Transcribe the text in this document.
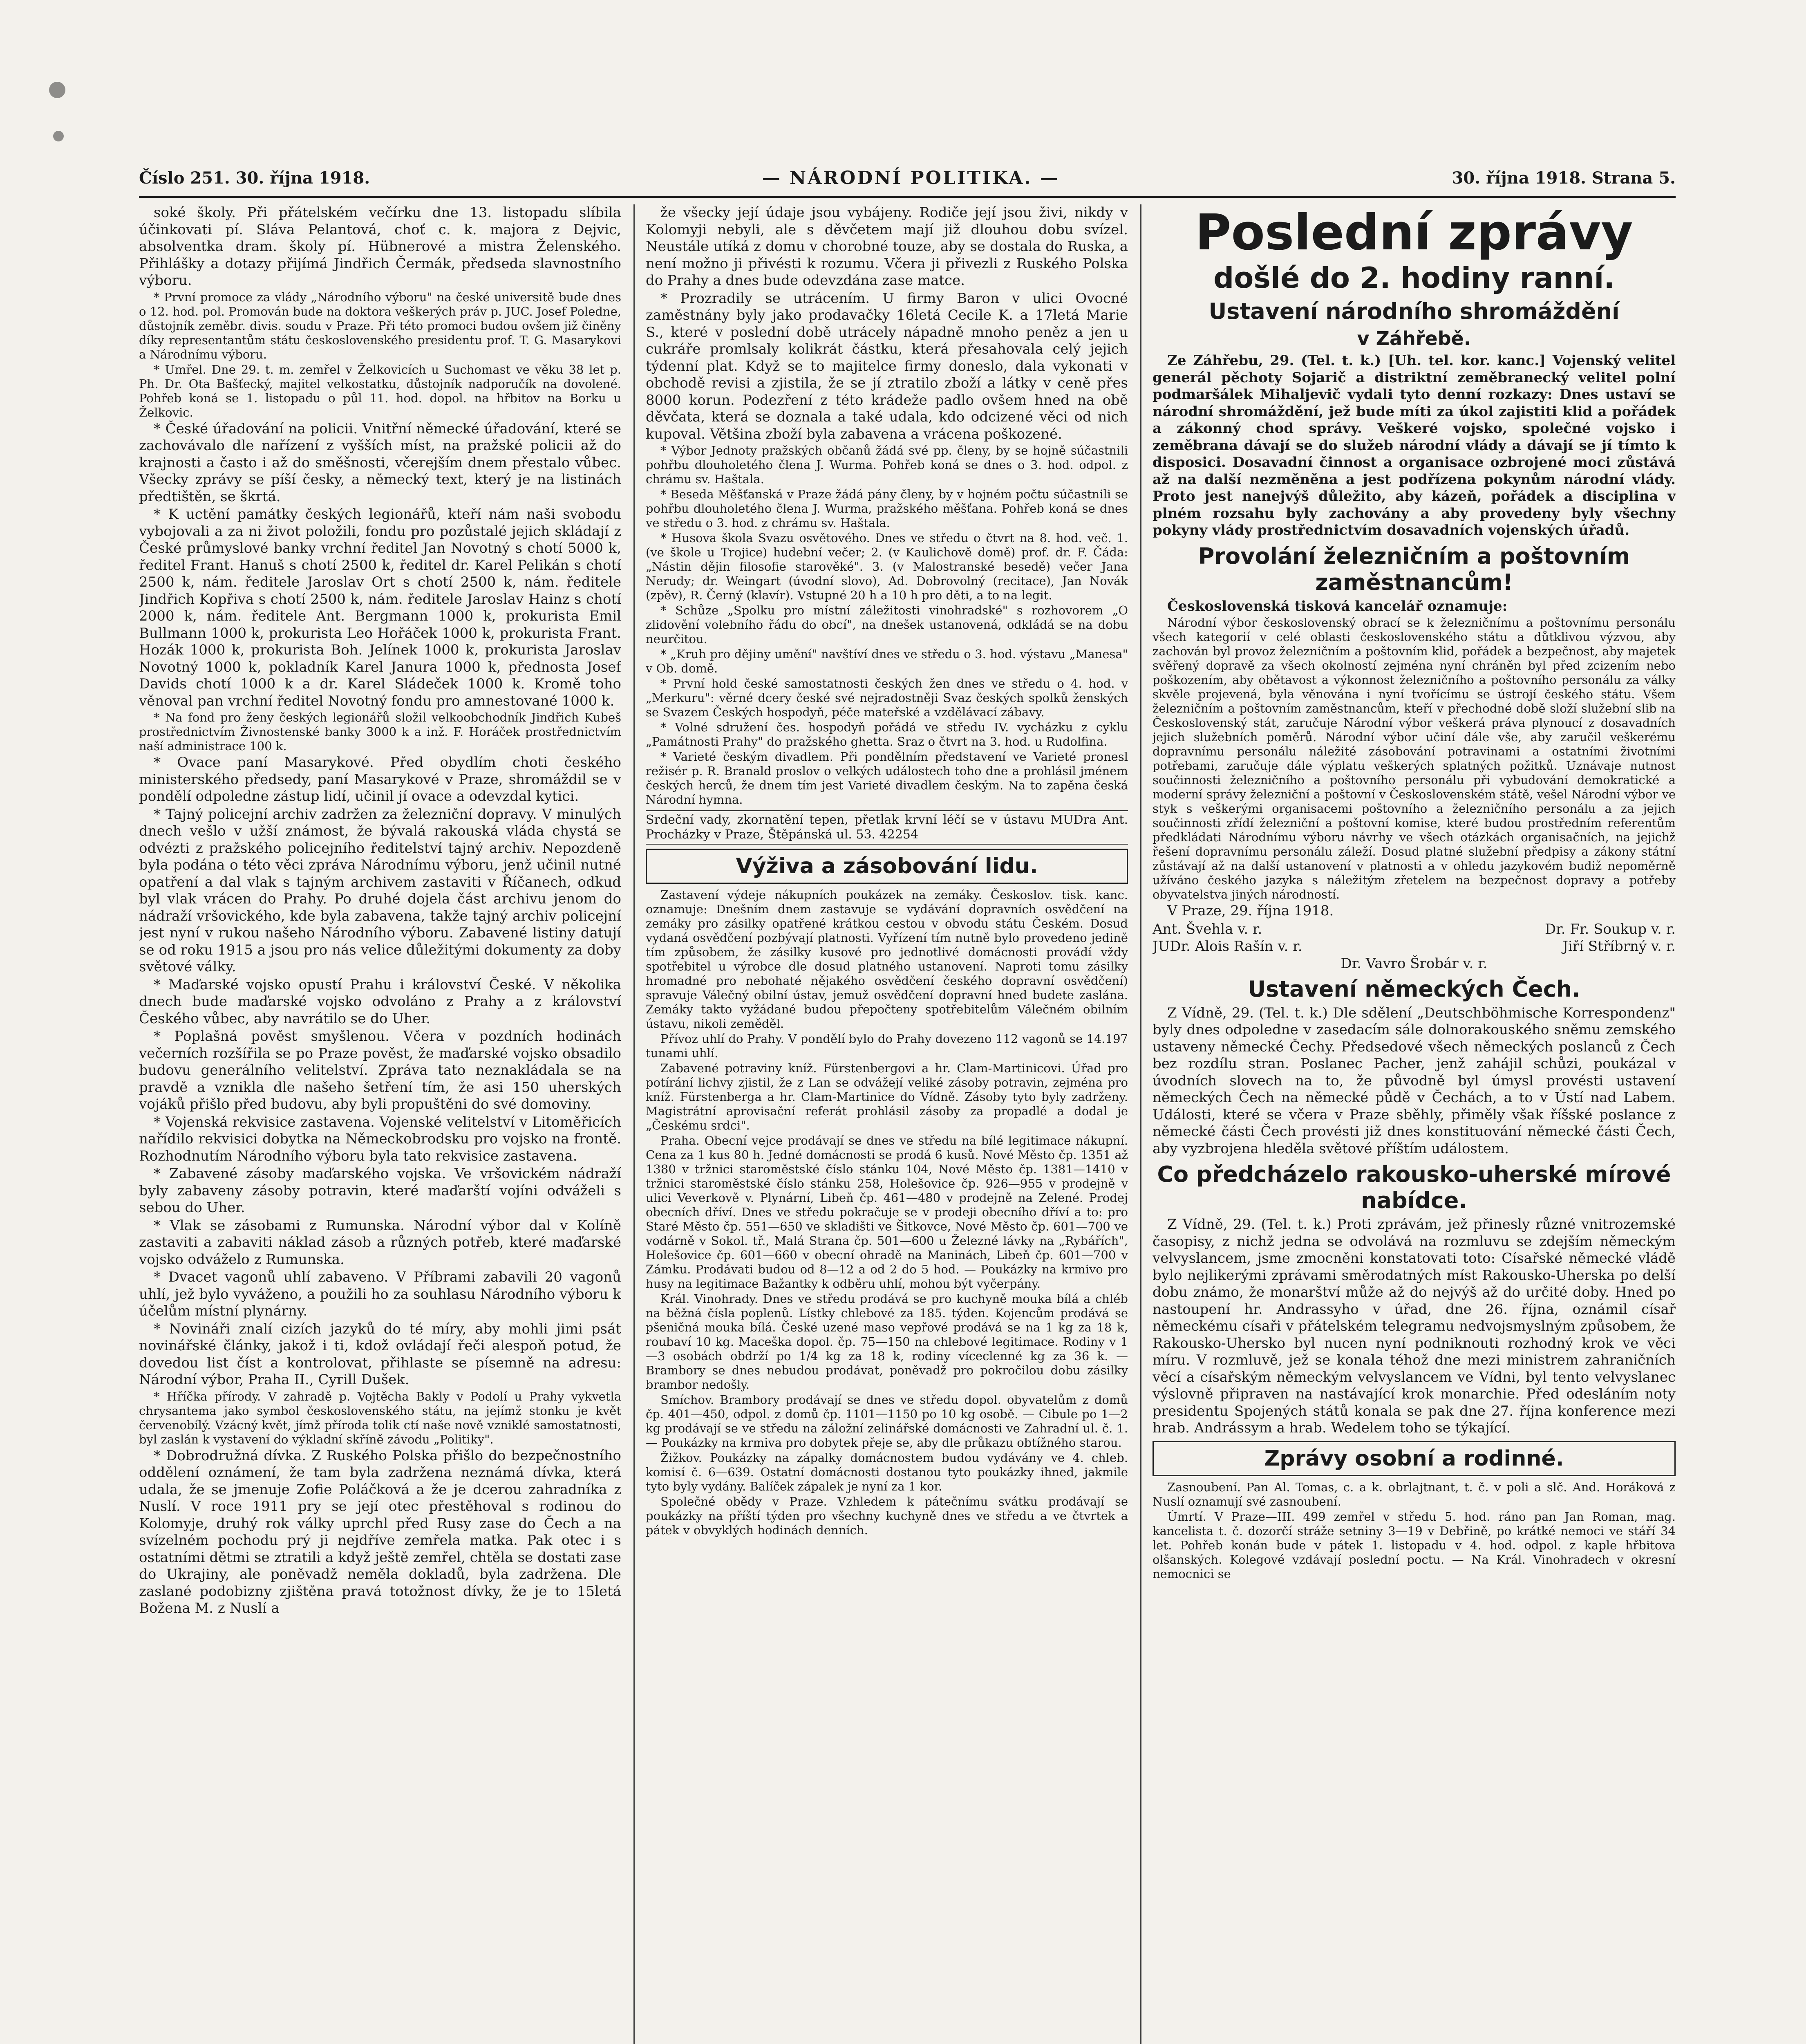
Číslo 251. 30. října 1918.	— NÁRODNÍ POLITIKA. —	30. října 1918. Strana 5.

soké školy. Při přátelském večírku dne 13. listopadu slíbila účinkovati pí. Sláva Pelantová, choť c. k. majora z Dejvic, absolventka dram. školy pí. Hübnerové a mistra Želenského. Přihlášky a dotazy přijímá Jindřich Čermák, předseda slavnostního výboru.

* První promoce za vlády „Národního výboru" na české universitě bude dnes o 12. hod. pol. Promován bude na doktora veškerých práv p. JUC. Josef Poledne, důstojník zeměbr. divis. soudu v Praze. Při této promoci budou ovšem již činěny díky representantům státu československého presidentu prof. T. G. Masarykovi a Národnímu výboru.

* Umřel. Dne 29. t. m. zemřel v Želkovicích u Suchomast ve věku 38 let p. Ph. Dr. Ota Bašťecký, majitel velkostatku, důstojník nadporučík na dovolené. Pohřeb koná se 1. listopadu o půl 11. hod. dopol. na hřbitov na Borku u Želkovic.

* České úřadování na policii. Vnitřní německé úřadování, které se zachovávalo dle nařízení z vyšších míst, na pražské policii až do krajnosti a často i až do směšnosti, včerejším dnem přestalo vůbec. Všecky zprávy se píší česky, a německý text, který je na listinách předtištěn, se škrtá.

* K uctění památky českých legionářů, kteří nám naši svobodu vybojovali a za ni život položili, fondu pro pozůstalé jejich skládají z České průmyslové banky vrchní ředitel Jan Novotný s chotí 5000 k, ředitel Frant. Hanuš s chotí 2500 k, ředitel dr. Karel Pelikán s chotí 2500 k, nám. ředitele Jaroslav Ort s chotí 2500 k, nám. ředitele Jindřich Kopřiva s chotí 2500 k, nám. ředitele Jaroslav Hainz s chotí 2000 k, nám. ředitele Ant. Bergmann 1000 k, prokurista Emil Bullmann 1000 k, prokurista Leo Hořáček 1000 k, prokurista Frant. Hozák 1000 k, prokurista Boh. Jelínek 1000 k, prokurista Jaroslav Novotný 1000 k, pokladník Karel Janura 1000 k, přednosta Josef Davids chotí 1000 k a dr. Karel Sládeček 1000 k. Kromě toho věnoval pan vrchní ředitel Novotný fondu pro amnestované 1000 k.

* Na fond pro ženy českých legionářů složil velkoobchodník Jindřich Kubeš prostřednictvím Živnostenské banky 3000 k a inž. F. Horáček prostřednictvím naší administrace 100 k.

* Ovace paní Masarykové. Před obydlím choti českého ministerského předsedy, paní Masarykové v Praze, shromáždil se v pondělí odpoledne zástup lidí, učinil jí ovace a odevzdal kytici.

* Tajný policejní archiv zadržen za železniční dopravy. V minulých dnech vešlo v užší známost, že bývalá rakouská vláda chystá se odvézti z pražského policejního ředitelství tajný archiv. Nepozdeně byla podána o této věci zpráva Národnímu výboru, jenž učinil nutné opatření a dal vlak s tajným archivem zastaviti v Říčanech, odkud byl vlak vrácen do Prahy. Po druhé dojela část archivu jenom do nádraží vršovického, kde byla zabavena, takže tajný archiv policejní jest nyní v rukou našeho Národního výboru. Zabavené listiny datují se od roku 1915 a jsou pro nás velice důležitými dokumenty za doby světové války.

* Maďarské vojsko opustí Prahu i království České. V několika dnech bude maďarské vojsko odvoláno z Prahy a z království Českého vůbec, aby navrátilo se do Uher.

* Poplašná pověst smyšlenou. Včera v pozdních hodinách večerních rozšířila se po Praze pověst, že maďarské vojsko obsadilo budovu generálního velitelství. Zpráva tato neznakládala se na pravdě a vznikla dle našeho šetření tím, že asi 150 uherských vojáků přišlo před budovu, aby byli propuštěni do své domoviny.

* Vojenská rekvisice zastavena. Vojenské velitelství v Litoměřicích nařídilo rekvisici dobytka na Německobrodsku pro vojsko na frontě. Rozhodnutím Národního výboru byla tato rekvisice zastavena.

* Zabavené zásoby maďarského vojska. Ve vršovickém nádraží byly zabaveny zásoby potravin, které maďarští vojíni odváželi s sebou do Uher.

* Vlak se zásobami z Rumunska. Národní výbor dal v Kolíně zastaviti a zabaviti náklad zásob a různých potřeb, které maďarské vojsko odváželo z Rumunska.

* Dvacet vagonů uhlí zabaveno. V Příbrami zabavili 20 vagonů uhlí, jež bylo vyváženo, a použili ho za souhlasu Národního výboru k účelům místní plynárny.

* Novináři znalí cizích jazyků do té míry, aby mohli jimi psát novinářské články, jakož i ti, kdož ovládají řeči alespoň potud, že dovedou list číst a kontrolovat, přihlaste se písemně na adresu: Národní výbor, Praha II., Cyrill Dušek.

* Hříčka přírody. V zahradě p. Vojtěcha Bakly v Podolí u Prahy vykvetla chrysantema jako symbol československého státu, na jejímž stonku je květ červenobílý. Vzácný květ, jímž příroda tolik ctí naše nově vzniklé samostatnosti, byl zaslán k vystavení do výkladní skříně závodu „Politiky".

* Dobrodružná dívka. Z Ruského Polska přišlo do bezpečnostního oddělení oznámení, že tam byla zadržena neznámá dívka, která udala, že se jmenuje Zofie Poláčková a že je dcerou zahradníka z Nuslí. V roce 1911 pry se její otec přestěhoval s rodinou do Kolomyje, druhý rok války uprchl před Rusy zase do Čech a na svízelném pochodu prý ji nejdříve zemřela matka. Pak otec i s ostatními dětmi se ztratili a když ještě zemřel, chtěla se dostati zase do Ukrajiny, ale poněvadž neměla dokladů, byla zadržena. Dle zaslané podobizny zjištěna pravá totožnost dívky, že je to 15letá Božena M. z Nuslí a

že všecky její údaje jsou vybájeny. Rodiče její jsou živi, nikdy v Kolomyji nebyli, ale s děvčetem mají již dlouhou dobu svízel. Neustále utíká z domu v chorobné touze, aby se dostala do Ruska, a není možno ji přivésti k rozumu. Včera ji přivezli z Ruského Polska do Prahy a dnes bude odevzdána zase matce.

* Prozradily se utrácením. U firmy Baron v ulici Ovocné zaměstnány byly jako prodavačky 16letá Cecile K. a 17letá Marie S., které v poslední době utrácely nápadně mnoho peněz a jen u cukráře promlsaly kolikrát částku, která přesahovala celý jejich týdenní plat. Když se to majitelce firmy doneslo, dala vykonati v obchodě revisi a zjistila, že se jí ztratilo zboží a látky v ceně přes 8000 korun. Podezření z této krádeže padlo ovšem hned na obě děvčata, která se doznala a také udala, kdo odcizené věci od nich kupoval. Většina zboží byla zabavena a vrácena poškozené.

* Výbor Jednoty pražských občanů žádá své pp. členy, by se hojně súčastnili pohřbu dlouholetého člena J. Wurma. Pohřeb koná se dnes o 3. hod. odpol. z chrámu sv. Haštala.

* Beseda Měšťanská v Praze žádá pány členy, by v hojném počtu súčastnili se pohřbu dlouholetého člena J. Wurma, pražského měšťana. Pohřeb koná se dnes ve středu o 3. hod. z chrámu sv. Haštala.

* Husova škola Svazu osvětového. Dnes ve středu o čtvrt na 8. hod. več. 1. (ve škole u Trojice) hudební večer; 2. (v Kaulichově domě) prof. dr. F. Čáda: „Nástin dějin filosofie starověké". 3. (v Malostranské besedě) večer Jana Nerudy; dr. Weingart (úvodní slovo), Ad. Dobrovolný (recitace), Jan Novák (zpěv), R. Černý (klavír). Vstupné 20 h a 10 h pro děti, a to na legit.

* Schůze „Spolku pro místní záležitosti vinohradské" s rozhovorem „O zlidovění volebního řádu do obcí", na dnešek ustanovená, odkládá se na dobu neurčitou.

* „Kruh pro dějiny umění" navštíví dnes ve středu o 3. hod. výstavu „Manesa" v Ob. domě.

* První hold české samostatnosti českých žen dnes ve středu o 4. hod. v „Merkuru": věrné dcery české své nejradostněji Svaz českých spolků ženských se Svazem Českých hospodyň, péče mateřské a vzdělávací zábavy.

* Volné sdružení čes. hospodyň pořádá ve středu IV. vycházku z cyklu „Památnosti Prahy" do pražského ghetta. Sraz o čtvrt na 3. hod. u Rudolfina.

* Varieté českým divadlem. Při pondělním představení ve Varieté pronesl režisér p. R. Branald proslov o velkých událostech toho dne a prohlásil jménem českých herců, že dnem tím jest Varieté divadlem českým. Na to zapěna česká Národní hymna.

Srdeční vady, zkornatění tepen, přetlak krvní léčí se v ústavu MUDra Ant. Procházky v Praze, Štěpánská ul. 53. 42254
Výživa a zásobování lidu.

Zastavení výdeje nákupních poukázek na zemáky. Českoslov. tisk. kanc. oznamuje: Dnešním dnem zastavuje se vydávání dopravních osvědčení na zemáky pro zásilky opatřené krátkou cestou v obvodu státu Českém. Dosud vydaná osvědčení pozbývají platnosti. Vyřízení tím nutně bylo provedeno jedině tím způsobem, že zásilky kusové pro jednotlivé domácnosti provádí vždy spotřebitel u výrobce dle dosud platného ustanovení. Naproti tomu zásilky hromadné pro nebohaté nějakého osvědčení českého dopravní osvědčení) spravuje Válečný obilní ústav, jemuž osvědčení dopravní hned budete zaslána. Zemáky takto vyžádané budou přepočteny spotřebitelům Válečném obilním ústavu, nikoli zeměděl.

Přívoz uhlí do Prahy. V pondělí bylo do Prahy dovezeno 112 vagonů se 14.197 tunami uhlí.

Zabavené potraviny kníž. Fürstenbergovi a hr. Clam-Martinicovi. Úřad pro potírání lichvy zjistil, že z Lan se odvážejí veliké zásoby potravin, zejména pro kníž. Fürstenberga a hr. Clam-Martinice do Vídně. Zásoby tyto byly zadrženy. Magistrátní aprovisační referát prohlásil zásoby za propadlé a dodal je „Českému srdci".

Praha. Obecní vejce prodávají se dnes ve středu na bílé legitimace nákupní. Cena za 1 kus 80 h. Jedné domácnosti se prodá 6 kusů. Nové Město čp. 1351 až 1380 v tržnici staroměstské číslo stánku 104, Nové Město čp. 1381—1410 v tržnici staroměstské číslo stánku 258, Holešovice čp. 926—955 v prodejně v ulici Veverkově v. Plynární, Libeň čp. 461—480 v prodejně na Zelené. Prodej obecních dříví. Dnes ve středu pokračuje se v prodeji obecního dříví a to: pro Staré Město čp. 551—650 ve skladišti ve Šitkovce, Nové Město čp. 601—700 ve vodárně v Sokol. tř., Malá Strana čp. 501—600 u Železné lávky na „Rybářích", Holešovice čp. 601—660 v obecní ohradě na Maninách, Libeň čp. 601—700 v Zámku. Prodávati budou od 8—12 a od 2 do 5 hod. — Poukázky na krmivo pro husy na legitimace Bažantky k odběru uhlí, mohou být vyčerpány.

Král. Vinohrady. Dnes ve středu prodává se pro kuchyně mouka bílá a chléb na běžná čísla poplenů. Lístky chlebové za 185. týden. Kojencům prodává se pšeničná mouka bílá. České uzené maso vepřové prodává se na 1 kg za 18 k, roubaví 10 kg. Maceška dopol. čp. 75—150 na chlebové legitimace. Rodiny v 1—3 osobách obdrží po 1/4 kg za 18 k, rodiny víceclenné kg za 36 k. — Brambory se dnes nebudou prodávat, poněvadž pro pokročilou dobu zásilky brambor nedošly.

Smíchov. Brambory prodávají se dnes ve středu dopol. obyvatelům z domů čp. 401—450, odpol. z domů čp. 1101—1150 po 10 kg osobě. — Cibule po 1—2 kg prodávají se ve středu na záložní zelinářské domácnosti ve Zahradní ul. č. 1. — Poukázky na krmiva pro dobytek přeje se, aby dle průkazu obtížného starou.

Žižkov. Poukázky na zápalky domácnostem budou vydávány ve 4. chleb. komisí č. 6—639. Ostatní domácnosti dostanou tyto poukázky ihned, jakmile tyto byly vydány. Balíček zápalek je nyní za 1 kor.

Společné obědy v Praze. Vzhledem k pátečnímu svátku prodávají se poukázky na příští týden pro všechny kuchyně dnes ve středu a ve čtvrtek a pátek v obvyklých hodinách denních.

Poslední zprávy
došlé do 2. hodiny ranní.
Ustavení národního shromáždění
v Záhřebě.

Ze Záhřebu, 29. (Tel. t. k.) [Uh. tel. kor. kanc.] Vojenský velitel generál pěchoty Sojarič a distriktní zeměbranecký velitel polní podmaršálek Mihaljevič vydali tyto denní rozkazy: Dnes ustaví se národní shromáždění, jež bude míti za úkol zajistiti klid a pořádek a zákonný chod správy. Veškeré vojsko, společné vojsko i zeměbrana dávají se do služeb národní vlády a dávají se jí tímto k disposici. Dosavadní činnost a organisace ozbrojené moci zůstává až na další nezměněna a jest podřízena pokynům národní vlády. Proto jest nanejvýš důležito, aby kázeň, pořádek a disciplina v plném rozsahu byly zachovány a aby provedeny byly všechny pokyny vlády prostřednictvím dosavadních vojenských úřadů.

Provolání železničním a poštovním zaměstnancům!

Československá tisková kancelář oznamuje:

Národní výbor československý obrací se k železničnímu a poštovnímu personálu všech kategorií v celé oblasti československého státu a důtklivou výzvou, aby zachován byl provoz železničním a poštovním klid, pořádek a bezpečnost, aby majetek svěřený dopravě za všech okolností zejména nyní chráněn byl před zcizením nebo poškozením, aby obětavost a výkonnost železničního a poštovního personálu za války skvěle projevená, byla věnována i nyní tvořícímu se ústrojí českého státu. Všem železničním a poštovním zaměstnancům, kteří v přechodné době složí služební slib na Československý stát, zaručuje Národní výbor veškerá práva plynoucí z dosavadních jejich služebních poměrů. Národní výbor učiní dále vše, aby zaručil veškerému dopravnímu personálu náležité zásobování potravinami a ostatními životními potřebami, zaručuje dále výplatu veškerých splatných požitků. Uznávaje nutnost součinnosti železničního a poštovního personálu při vybudování demokratické a moderní správy železniční a poštovní v Československém státě, vešel Národní výbor ve styk s veškerými organisacemi poštovního a železničního personálu a za jejich součinnosti zřídí železniční a poštovní komise, které budou prostředním referentům předkládati Národnímu výboru návrhy ve všech otázkách organisačních, na jejichž řešení dopravnímu personálu záleží. Dosud platné služební předpisy a zákony státní zůstávají až na další ustanovení v platnosti a v ohledu jazykovém budiž nepoměrně užíváno českého jazyka s náležitým zřetelem na bezpečnost dopravy a potřeby obyvatelstva jiných národností.

V Praze, 29. října 1918.

Ant. Švehla v. r.	Dr. Fr. Soukup v. r.
JUDr. Alois Rašín v. r.	Jiří Stříbrný v. r.
Dr. Vavro Šrobár v. r.
Ustavení německých Čech.

Z Vídně, 29. (Tel. t. k.) Dle sdělení „Deutschböhmische Korrespondenz" byly dnes odpoledne v zasedacím sále dolnorakouského sněmu zemského ustaveny německé Čechy. Předsedové všech německých poslanců z Čech bez rozdílu stran. Poslanec Pacher, jenž zahájil schůzi, poukázal v úvodních slovech na to, že původně byl úmysl provésti ustavení německých Čech na německé půdě v Čechách, a to v Ústí nad Labem. Události, které se včera v Praze sběhly, přiměly však říšské poslance z německé části Čech provésti již dnes konstituování německé části Čech, aby vyzbrojena hleděla světové příštím událostem.

Co předcházelo rakousko-uherské mírové nabídce.

Z Vídně, 29. (Tel. t. k.) Proti zprávám, jež přinesly různé vnitrozemské časopisy, z nichž jedna se odvolává na rozmluvu se zdejším německým velvyslancem, jsme zmocněni konstatovati toto: Císařské německé vládě bylo nejlikerými zprávami směrodatných míst Rakousko-Uherska po delší dobu známo, že monarštví může až do nejvýš až do určité doby. Hned po nastoupení hr. Andrassyho v úřad, dne 26. října, oznámil císař německému císaři v přátelském telegramu nedvojsmyslným způsobem, že Rakousko-Uhersko byl nucen nyní podniknouti rozhodný krok ve věci míru. V rozmluvě, jež se konala téhož dne mezi ministrem zahraničních věcí a císařským německým velvyslancem ve Vídni, byl tento velvyslanec výslovně připraven na nastávající krok monarchie. Před odesláním noty presidentu Spojených států konala se pak dne 27. října konference mezi hrab. Andrássym a hrab. Wedelem toho se týkající.

Zprávy osobní a rodinné.

Zasnoubení. Pan Al. Tomas, c. a k. obrlajtnant, t. č. v poli a slč. And. Horáková z Nuslí oznamují své zasnoubení.

Úmrtí. V Praze—III. 499 zemřel v středu 5. hod. ráno pan Jan Roman, mag. kancelista t. č. dozorčí stráže setniny 3—19 v Debřině, po krátké nemoci ve stáří 34 let. Pohřeb konán bude v pátek 1. listopadu v 4. hod. odpol. z kaple hřbitova olšanských. Kolegové vzdávají poslední poctu. — Na Král. Vinohradech v okresní nemocnici se
